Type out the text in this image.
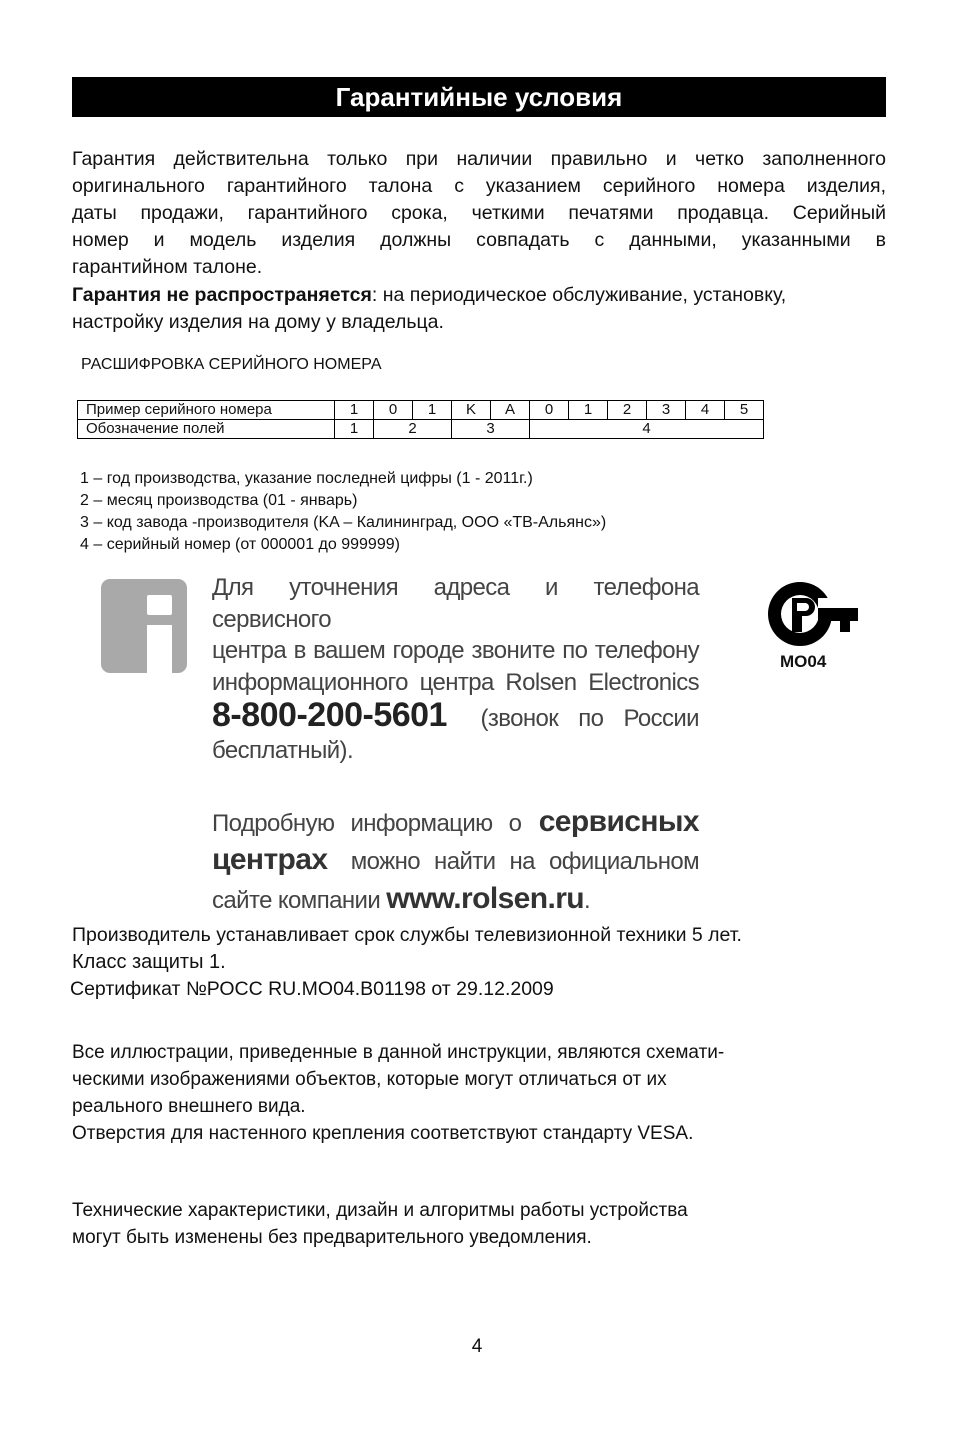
Гарантийные условия
Гарантия действительна только при наличии правильно и четко заполненного
оригинального гарантийного талона с указанием серийного номера изделия,
даты продажи, гарантийного срока, четкими печатями продавца. Серийный
номер и модель изделия должны совпадать с данными, указанными в
гарантийном талоне.
Гарантия не распространяется: на периодическое обслуживание, установку,
настройку изделия на дому у владельца.
РАСШИФРОВКА СЕРИЙНОГО НОМЕРА
Пример серийного номера	1	0	1	K	A	0	1	2	3	4	5
Обозначение полей	1	2		3		4					
1 – год производства, указание последней цифры (1 - 2011г.)
2 – месяц производства (01 - январь)
3 – код завода -производителя (KA – Калининград, ООО «ТВ-Альянс»)
4 – серийный номер (от 000001 до 999999)
Для уточнения адреса и телефона сервисного
центра в вашем городе звоните по телефону
информационного центра Rolsen Electronics
8-800-200-5601 (звонок по России
бесплатный).
Подробную информацию о сервисных
центрах можно найти на официальном
сайте компании www.rolsen.ru.
МО04
Производитель устанавливает срок службы телевизионной техники 5 лет.
Класс защиты 1.
Сертификат №РОСС RU.МО04.В01198 от 29.12.2009
Все иллюстрации, приведенные в данной инструкции, являются схемати-
ческими изображениями объектов, которые могут отличаться от их
реального внешнего вида.
Отверстия для настенного крепления соответствуют стандарту VESA.
Технические характеристики, дизайн и алгоритмы работы устройства
могут быть изменены без предварительного уведомления.
4
